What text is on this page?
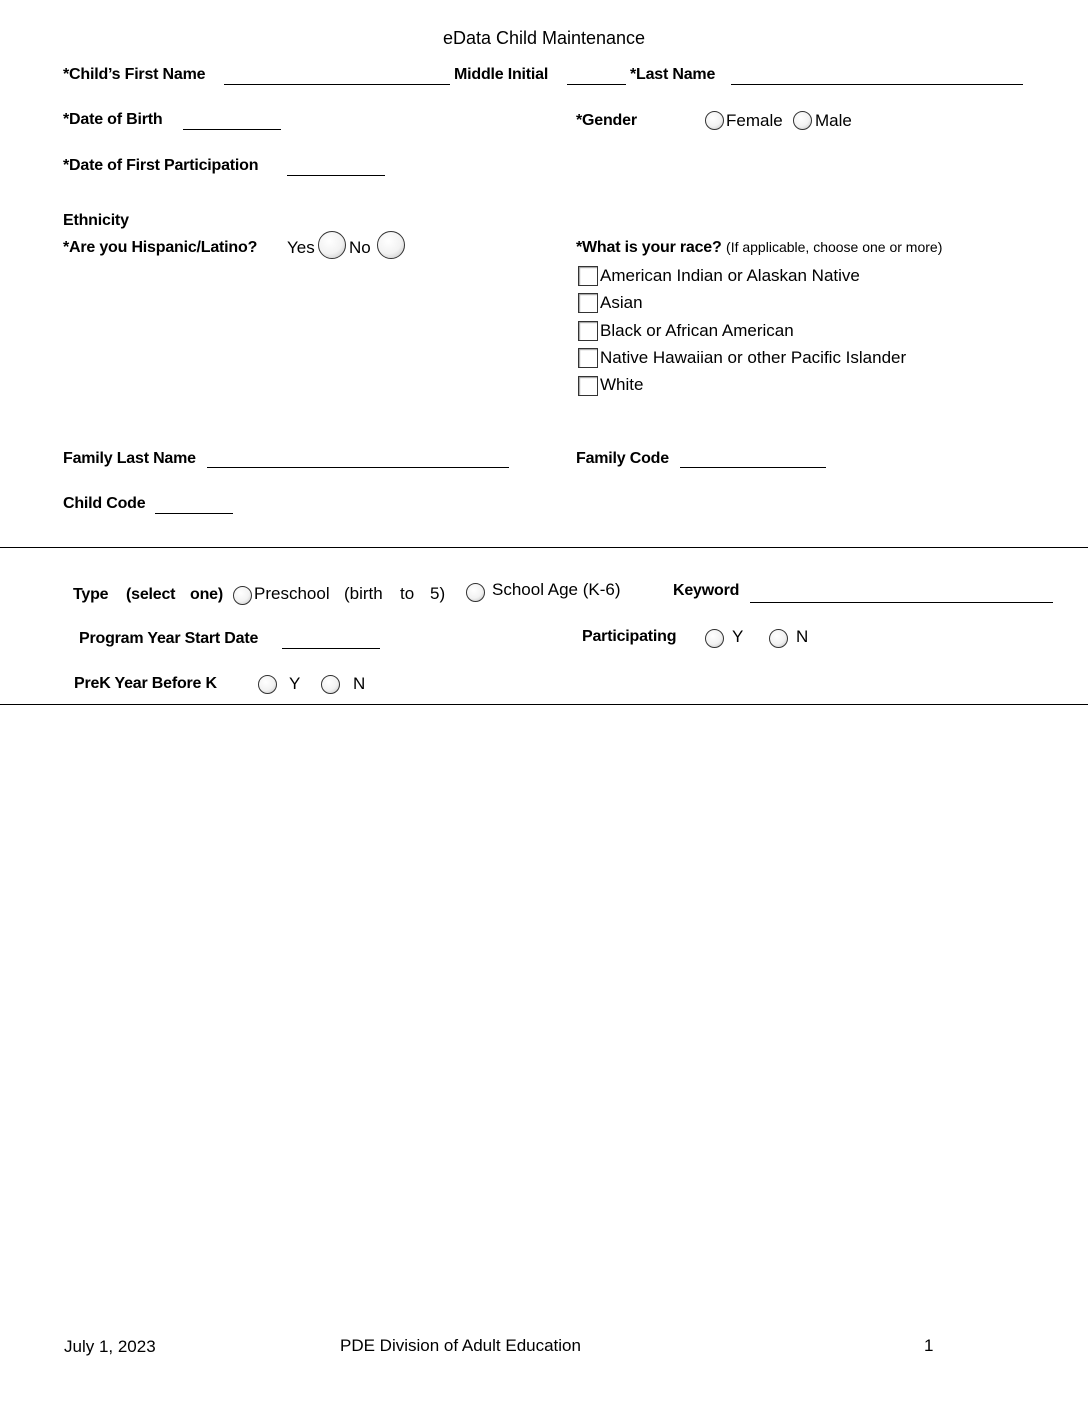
eData Child Maintenance
*Child’s First Name	Middle Initial	*Last Name
*Date of Birth	*Gender	Female Male
*Date of First Participation
Ethnicity
*Are you Hispanic/Latino? Yes No	*What is your race? (If applicable, choose one or more)
American Indian or Alaskan Native
Asian
Black or African American
Native Hawaiian or other Pacific Islander
White
Family Last Name	Family Code
Child Code
Type (select one) Preschool (birth to 5)	School Age (K-6)	Keyword
Program Year Start Date	Participating	Y	N
PreK Year Before K	Y	N
July 1, 2023	PDE Division of Adult Education	1
